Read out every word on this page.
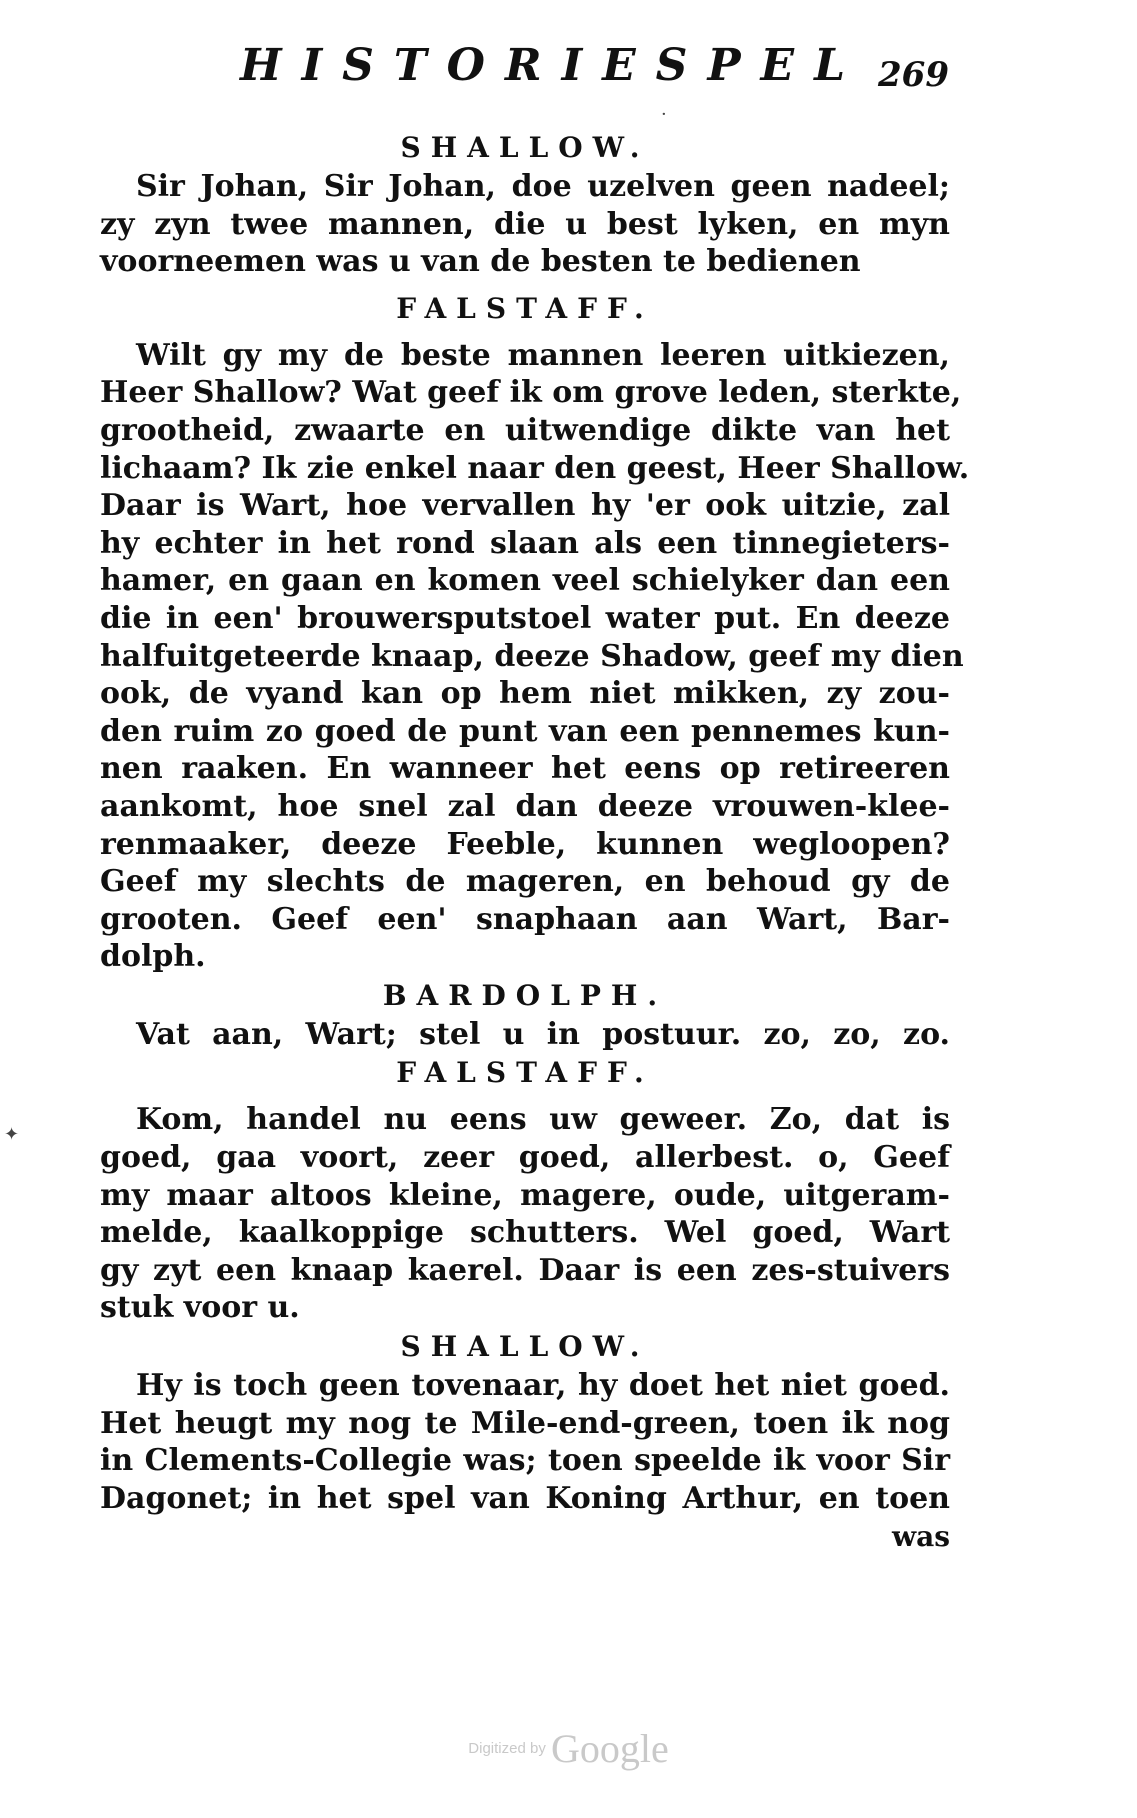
HISTORIESPEL 269
SHALLOW.
Sir Johan, Sir Johan, doe uzelven geen nadeel;
zy zyn twee mannen, die u best lyken, en myn
voorneemen was u van de besten te bedienen
FALSTAFF.
Wilt gy my de beste mannen leeren uitkiezen,
Heer Shallow? Wat geef ik om grove leden, sterkte,
grootheid, zwaarte en uitwendige dikte van het
lichaam? Ik zie enkel naar den geest, Heer Shallow.
Daar is Wart, hoe vervallen hy 'er ook uitzie, zal
hy echter in het rond slaan als een tinnegieters-
hamer, en gaan en komen veel schielyker dan een
die in een' brouwersputstoel water put. En deeze
halfuitgeteerde knaap, deeze Shadow, geef my dien
ook, de vyand kan op hem niet mikken, zy zou-
den ruim zo goed de punt van een pennemes kun-
nen raaken. En wanneer het eens op retireeren
aankomt, hoe snel zal dan deeze vrouwen-klee-
renmaaker, deeze Feeble, kunnen wegloopen?
Geef my slechts de mageren, en behoud gy de
grooten. Geef een' snaphaan aan Wart, Bar-
dolph.
BARDOLPH.
Vat aan, Wart; stel u in postuur. zo, zo, zo.
FALSTAFF.
Kom, handel nu eens uw geweer. Zo, dat is
goed, gaa voort, zeer goed, allerbest. o, Geef
my maar altoos kleine, magere, oude, uitgeram-
melde, kaalkoppige schutters. Wel goed, Wart
gy zyt een knaap kaerel. Daar is een zes-stuivers
stuk voor u.
SHALLOW.
Hy is toch geen tovenaar, hy doet het niet goed.
Het heugt my nog te Mile-end-green, toen ik nog
in Clements-Collegie was; toen speelde ik voor Sir
Dagonet; in het spel van Koning Arthur, en toen
was
✦
·
Digitized by Google
